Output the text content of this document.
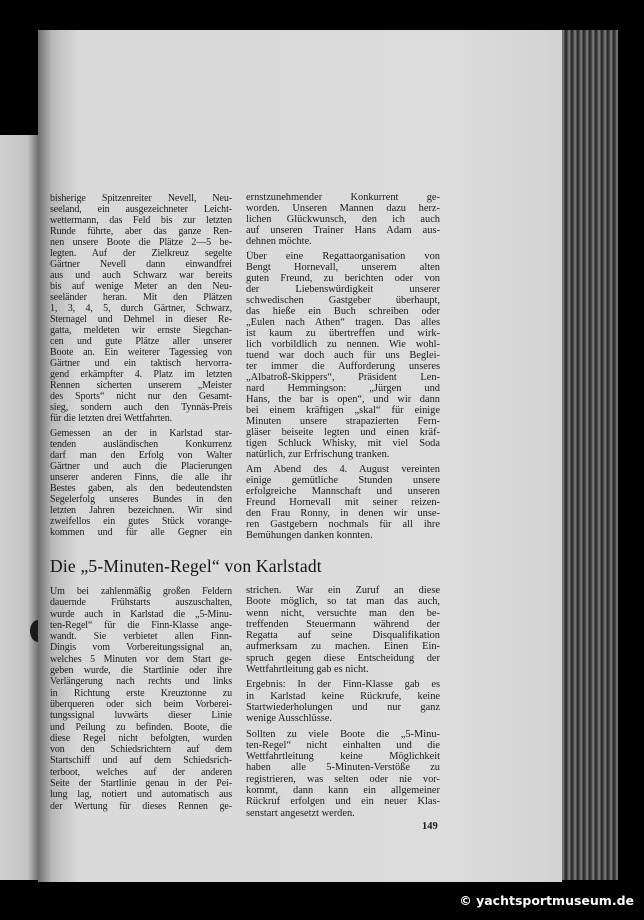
bisherige Spitzenreiter Nevell, Neu-
seeland, ein ausgezeichneter Leicht-
wettermann, das Feld bis zur letzten
Runde führte, aber das ganze Ren-
nen unsere Boote die Plätze 2—5 be-
legten. Auf der Zielkreuz segelte
Gärtner Nevell dann einwandfrei
aus und auch Schwarz war bereits
bis auf wenige Meter an den Neu-
seeländer heran. Mit den Plätzen
1, 3, 4, 5, durch Gärtner, Schwarz,
Sternagel und Dehmel in dieser Re-
gatta, meldeten wir ernste Siegchan-
cen und gute Plätze aller unserer
Boote an. Ein weiterer Tagessieg von
Gärtner und ein taktisch hervorra-
gend erkämpfter 4. Platz im letzten
Rennen sicherten unserem „Meister
des Sports“ nicht nur den Gesamt-
sieg, sondern auch den Tynnäs-Preis
für die letzten drei Wettfahrten.
Gemessen an der in Karlstad star-
tenden ausländischen Konkurrenz
darf man den Erfolg von Walter
Gärtner und auch die Placierungen
unserer anderen Finns, die alle ihr
Bestes gaben, als den bedeutendsten
Segelerfolg unseres Bundes in den
letzten Jahren bezeichnen. Wir sind
zweifellos ein gutes Stück vorange-
kommen und für alle Gegner ein
ernstzunehmender Konkurrent ge-
worden. Unseren Mannen dazu herz-
lichen Glückwunsch, den ich auch
auf unseren Trainer Hans Adam aus-
dehnen möchte.
Über eine Regattaorganisation von
Bengt Hornevall, unserem alten
guten Freund, zu berichten oder von
der Liebenswürdigkeit unserer
schwedischen Gastgeber überhaupt,
das hieße ein Buch schreiben oder
„Eulen nach Athen“ tragen. Das alles
ist kaum zu übertreffen und wirk-
lich vorbildlich zu nennen. Wie wohl-
tuend war doch auch für uns Beglei-
ter immer die Aufforderung unseres
„Albatroß-Skippers“, Präsident Len-
nard Hemmingson: „Jürgen und
Hans, the bar is open“, und wir dann
bei einem kräftigen „skal“ für einige
Minuten unsere strapazierten Fern-
gläser beiseite legten und einen kräf-
tigen Schluck Whisky, mit viel Soda
natürlich, zur Erfrischung tranken.
Am Abend des 4. August vereinten
einige gemütliche Stunden unsere
erfolgreiche Mannschaft und unseren
Freund Hornevall mit seiner reizen-
den Frau Ronny, in denen wir unse-
ren Gastgebern nochmals für all ihre
Bemühungen danken konnten.
Die „5-Minuten-Regel“ von Karlstadt
Um bei zahlenmäßig großen Feldern
dauernde Frühstarts auszuschalten,
wurde auch in Karlstad die „5-Minu-
ten-Regel“ für die Finn-Klasse ange-
wandt. Sie verbietet allen Finn-
Dingis vom Vorbereitungssignal an,
welches 5 Minuten vor dem Start ge-
geben wurde, die Startlinie oder ihre
Verlängerung nach rechts und links
in Richtung erste Kreuztonne zu
überqueren oder sich beim Vorberei-
tungssignal luvwärts dieser Linie
und Peilung zu befinden. Boote, die
diese Regel nicht befolgten, wurden
von den Schiedsrichtern auf dem
Startschiff und auf dem Schiedsrich-
terboot, welches auf der anderen
Seite der Startlinie genau in der Pei-
lung lag, notiert und automatisch aus
der Wertung für dieses Rennen ge-
strichen. War ein Zuruf an diese
Boote möglich, so tat man das auch,
wenn nicht, versuchte man den be-
treffenden Steuermann während der
Regatta auf seine Disqualifikation
aufmerksam zu machen. Einen Ein-
spruch gegen diese Entscheidung der
Wettfahrtleitung gab es nicht.
Ergebnis: In der Finn-Klasse gab es
in Karlstad keine Rückrufe, keine
Startwiederholungen und nur ganz
wenige Ausschlüsse.
Sollten zu viele Boote die „5-Minu-
ten-Regel“ nicht einhalten und die
Wettfahrtleitung keine Möglichkeit
haben alle 5-Minuten-Verstöße zu
registrieren, was selten oder nie vor-
kommt, dann kann ein allgemeiner
Rückruf erfolgen und ein neuer Klas-
senstart angesetzt werden.
149
© yachtsportmuseum.de
